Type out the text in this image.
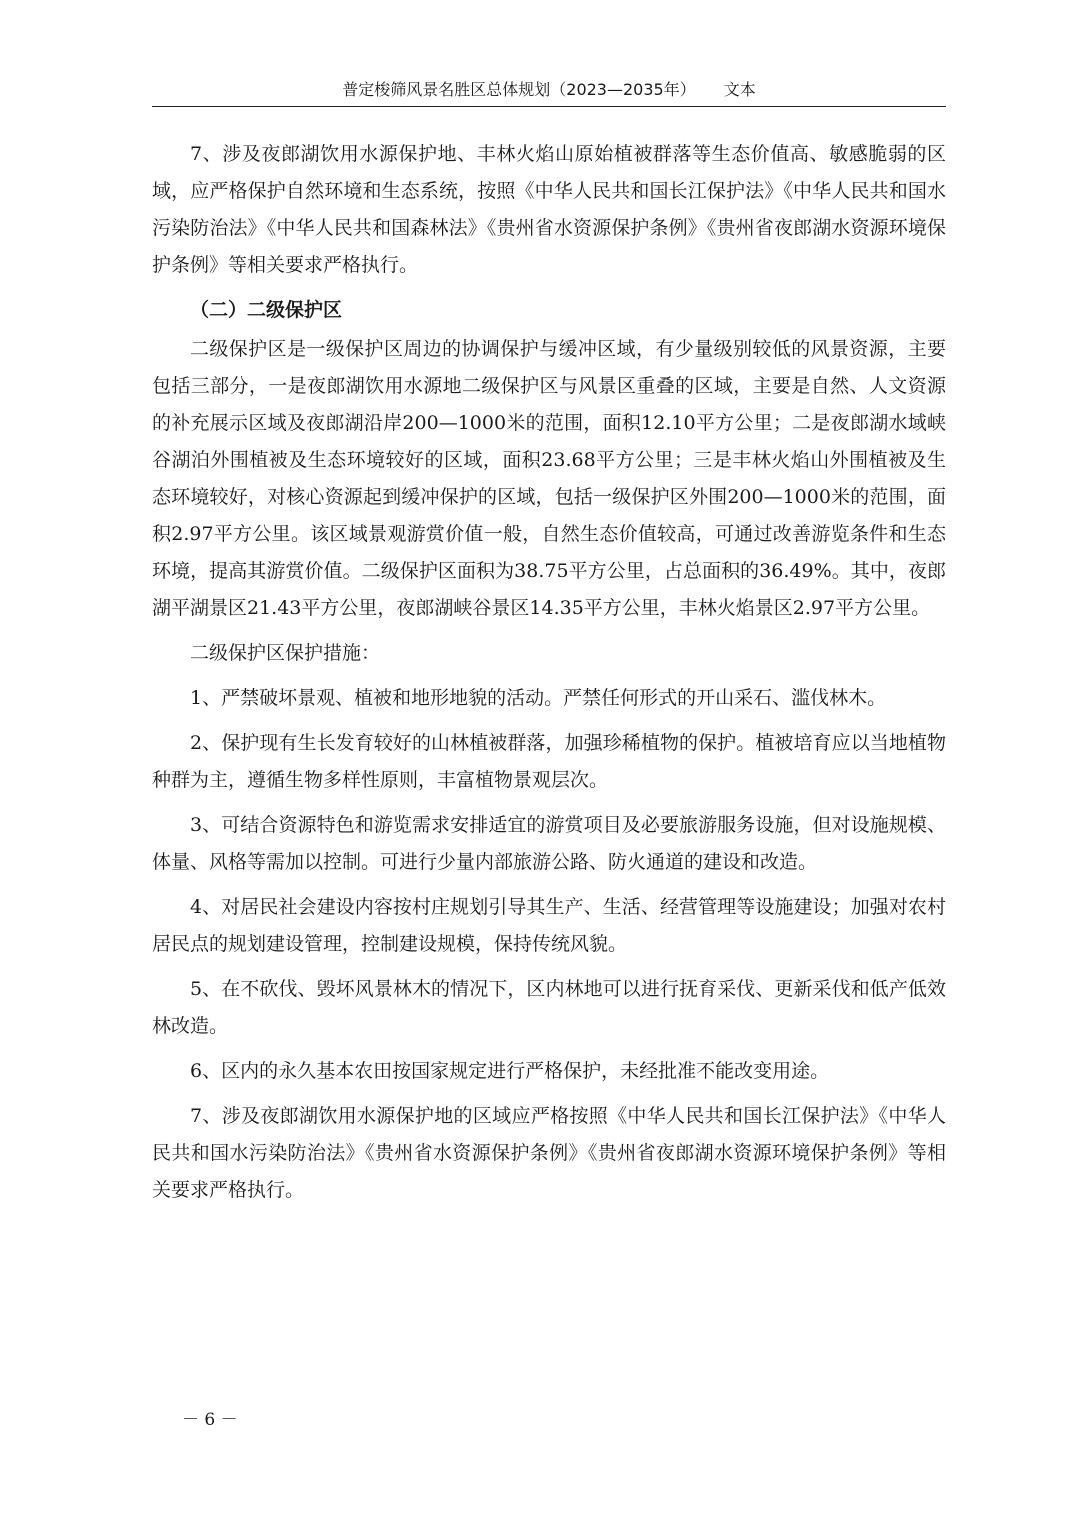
普定梭筛风景名胜区总体规划（2023—2035年） 文本

7、涉及夜郎湖饮用水源保护地、丰林火焰山原始植被群落等生态价值高、敏感脆弱的区域，应严格保护自然环境和生态系统，按照《中华人民共和国长江保护法》《中华人民共和国水污染防治法》《中华人民共和国森林法》《贵州省水资源保护条例》《贵州省夜郎湖水资源环境保护条例》等相关要求严格执行。

（二）二级保护区

二级保护区是一级保护区周边的协调保护与缓冲区域，有少量级别较低的风景资源，主要包括三部分，一是夜郎湖饮用水源地二级保护区与风景区重叠的区域，主要是自然、人文资源的补充展示区域及夜郎湖沿岸200—1000米的范围，面积12.10平方公里；二是夜郎湖水域峡谷湖泊外围植被及生态环境较好的区域，面积23.68平方公里；三是丰林火焰山外围植被及生态环境较好，对核心资源起到缓冲保护的区域，包括一级保护区外围200—1000米的范围，面积2.97平方公里。该区域景观游赏价值一般，自然生态价值较高，可通过改善游览条件和生态环境，提高其游赏价值。二级保护区面积为38.75平方公里，占总面积的36.49%。其中，夜郎湖平湖景区21.43平方公里，夜郎湖峡谷景区14.35平方公里，丰林火焰景区2.97平方公里。

二级保护区保护措施：

1、严禁破坏景观、植被和地形地貌的活动。严禁任何形式的开山采石、滥伐林木。

2、保护现有生长发育较好的山林植被群落，加强珍稀植物的保护。植被培育应以当地植物种群为主，遵循生物多样性原则，丰富植物景观层次。

3、可结合资源特色和游览需求安排适宜的游赏项目及必要旅游服务设施，但对设施规模、体量、风格等需加以控制。可进行少量内部旅游公路、防火通道的建设和改造。

4、对居民社会建设内容按村庄规划引导其生产、生活、经营管理等设施建设；加强对农村居民点的规划建设管理，控制建设规模，保持传统风貌。

5、在不砍伐、毁坏风景林木的情况下，区内林地可以进行抚育采伐、更新采伐和低产低效林改造。

6、区内的永久基本农田按国家规定进行严格保护，未经批准不能改变用途。

7、涉及夜郎湖饮用水源保护地的区域应严格按照《中华人民共和国长江保护法》《中华人民共和国水污染防治法》《贵州省水资源保护条例》《贵州省夜郎湖水资源环境保护条例》等相关要求严格执行。

－ 6 －
